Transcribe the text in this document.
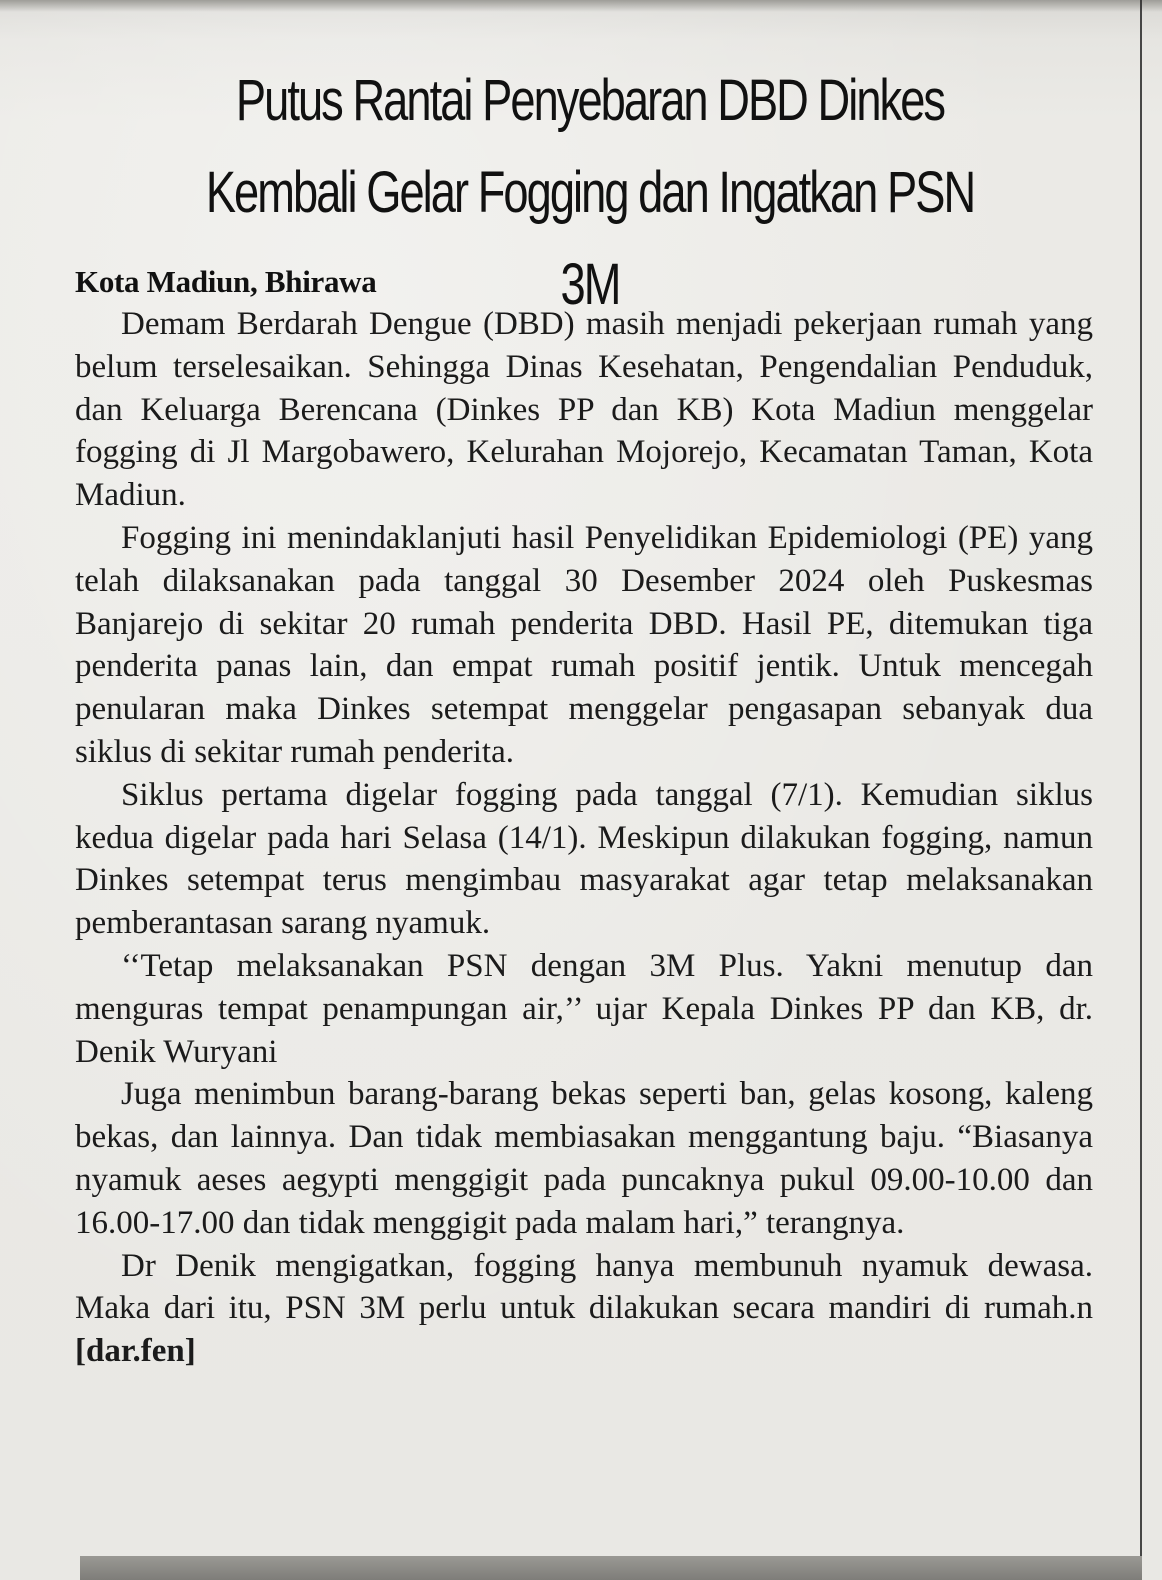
Putus Rantai Penyebaran DBD Dinkes Kembali Gelar Fogging dan Ingatkan PSN 3M
Kota Madiun, Bhirawa

Demam Berdarah Dengue (DBD) masih menjadi pekerjaan rumah yang belum terselesaikan. Sehingga Dinas Kesehatan, Pengendalian Penduduk, dan Keluarga Berencana (Dinkes PP dan KB) Kota Madiun menggelar fogging di Jl Margobawero, Kelurahan Mojorejo, Kecamatan Taman, Kota Madiun.

Fogging ini menindaklanjuti hasil Penyelidikan Epidemiologi (PE) yang telah dilaksanakan pada tanggal 30 Desember 2024 oleh Puskesmas Banjarejo di sekitar 20 rumah penderita DBD. Hasil PE, ditemukan tiga penderita panas lain, dan empat rumah positif jentik. Untuk mencegah penularan maka Dinkes setempat menggelar pengasapan sebanyak dua siklus di sekitar rumah penderita.

Siklus pertama digelar fogging pada tanggal (7/1). Kemudian siklus kedua digelar pada hari Selasa (14/1). Meskipun dilakukan fogging, namun Dinkes setempat terus mengimbau masyarakat agar tetap melaksanakan pemberantasan sarang nyamuk.

‘‘Tetap melaksanakan PSN dengan 3M Plus. Yakni menutup dan menguras tempat penampungan air,’’ ujar Kepala Dinkes PP dan KB, dr. Denik Wuryani

Juga menimbun barang-barang bekas seperti ban, gelas kosong, kaleng bekas, dan lainnya. Dan tidak membiasakan menggantung baju. “Biasanya nyamuk aeses aegypti menggigit pada puncaknya pukul 09.00-10.00 dan 16.00-17.00 dan tidak menggigit pada malam hari,” terangnya.

Dr Denik mengigatkan, fogging hanya membunuh nyamuk dewasa. Maka dari itu, PSN 3M perlu untuk dilakukan secara mandiri di rumah.n [dar.fen]
